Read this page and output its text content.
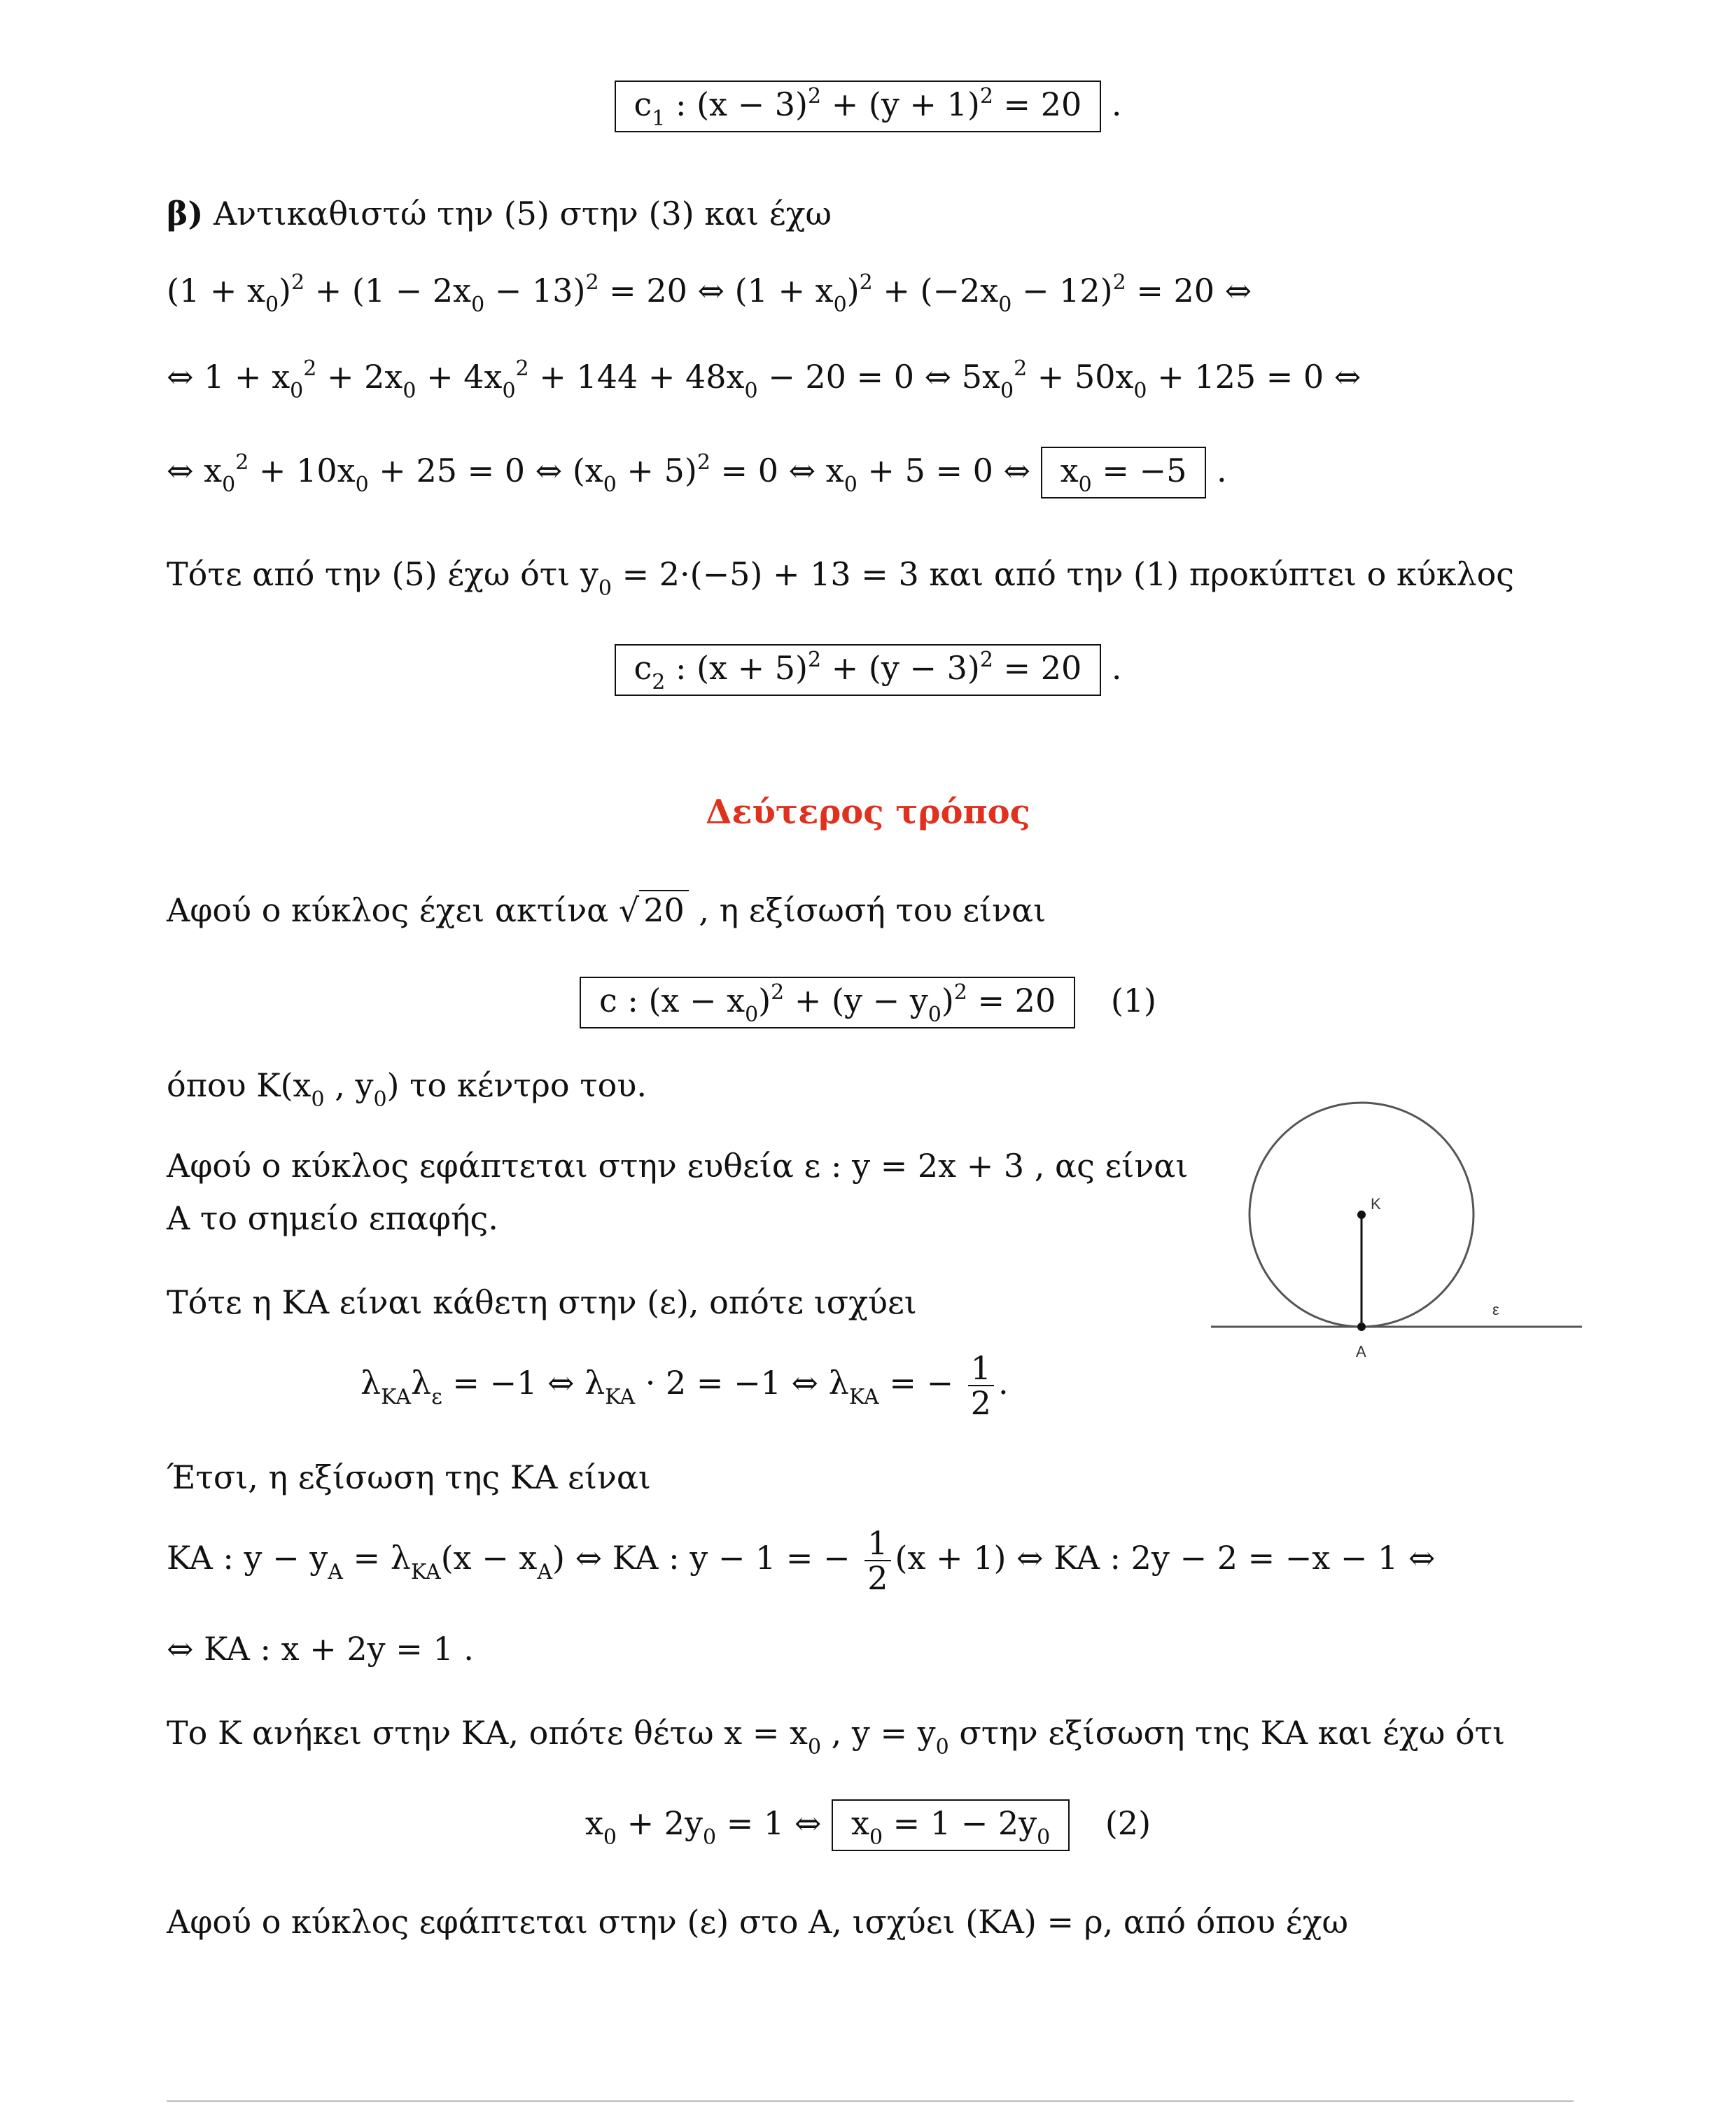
$c_1$ : $(x - 3)^2 + (y + 1)^2 = 20$ .
β) Αντικαθιστώ την (5) στην (3) και έχω
$(1 + x_0)^2 + (1 - 2x_0 - 13)^2 = 20$ ⇔ $(1 + x_0)^2 + (-2x_0 - 12)^2 = 20$ ⇔
⇔ $1 + x_0^2 + 2x_0 + 4x_0^2 + 144 + 48x_0 - 20 = 0$ ⇔ $5x_0^2 + 50x_0 + 125 = 0$ ⇔
⇔ $x_0^2 + 10x_0 + 25 = 0$ ⇔ $(x_0 + 5)^2 = 0$ ⇔ $x_0 + 5 = 0$ ⇔ $x_0 = -5$ .
Τότε από την (5) έχω ότι $y_0 = 2\cdot(-5) + 13 = 3$ και από την (1) προκύπτει ο κύκλος
$c_2$ : $(x + 5)^2 + (y - 3)^2 = 20$ .
Δεύτερος τρόπος
Αφού ο κύκλος έχει ακτίνα √ 20 , η εξίσωσή του είναι
c : $(x - x_0)^2 + (y - y_0)^2 = 20$ (1)
όπου $K(x_0$ , $y_0$) το κέντρο του.
Αφού ο κύκλος εφάπτεται στην ευθεία ε : y = 2x + 3 , ας είναι
Α το σημείο επαφής.
Τότε η ΚΑ είναι κάθετη στην (ε), οπότε ισχύει
$\lambda_{KA}\lambda_\varepsilon = -1$ ⇔ $\lambda_{KA} \cdot 2 = -1$ ⇔ $\lambda_{KA}$ = − $\frac{1}{2}$ .
Έτσι, η εξίσωση της ΚΑ είναι
KA : $y - y_A = \lambda_{KA}(x - x_A)$ ⇔ KA : y − 1 = − $\frac{1}{2} (x + 1)$ ⇔ KA : 2y − 2 = −x − 1 ⇔
⇔ KA : x + 2y = 1 .
Το Κ ανήκει στην ΚΑ, οπότε θέτω $x = x_0$ , $y = y_0$ στην εξίσωση της ΚΑ και έχω ότι
$x_0 + 2y_0 = 1$ ⇔ $x_0 = 1 - 2y_0$ (2)
Αφού ο κύκλος εφάπτεται στην (ε) στο Α, ισχύει (KA) = ρ, από όπου έχω
K
A
ε
